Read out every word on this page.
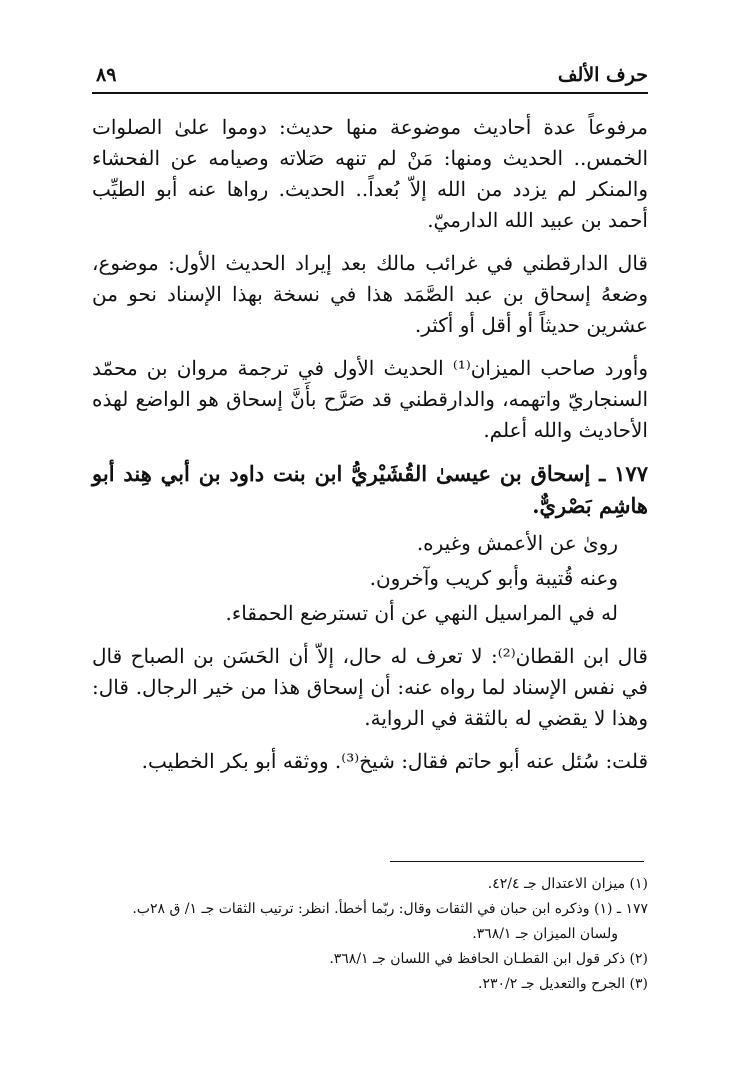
حرف الألف
٨٩

مرفوعاً عدة أحاديث موضوعة منها حديث: دوموا علىٰ الصلوات الخمس.. الحديث ومنها: مَنْ لم تنهه صَلاته وصيامه عن الفحشاء والمنكر لم يزدد من الله إلاّ بُعداً.. الحديث. رواها عنه أبو الطيِّب أحمد بن عبيد الله الدارميّ.

قال الدارقطني في غرائب مالك بعد إيراد الحديث الأول: موضوع، وضعهُ إسحاق بن عبد الصَّمَد هذا في نسخة بهذا الإسناد نحو من عشرين حديثاً أو أقل أو أكثر.

وأورد صاحب الميزان⁽¹⁾ الحديث الأول في ترجمة مروان بن محمّد السنجاريّ واتهمه، والدارقطني قد صَرَّح بأَنَّ إسحاق هو الواضع لهذه الأحاديث والله أعلم.

١٧٧ ـ إسحاق بن عيسىٰ القُشَيْريُّ ابن بنت داود بن أبي هِند أبو هاشِم بَصْريٌّ.

روىٰ عن الأعمش وغيره.

وعنه قُتيبة وأبو كريب وآخرون.

له في المراسيل النهي عن أن تسترضع الحمقاء.

قال ابن القطان⁽²⁾: لا تعرف له حال، إلاّ أن الحَسَن بن الصباح قال في نفس الإسناد لما رواه عنه: أن إسحاق هذا من خير الرجال. قال: وهذا لا يقضي له بالثقة في الرواية.

قلت: سُئل عنه أبو حاتم فقال: شيخ⁽³⁾. ووثقه أبو بكر الخطيب.

(١) ميزان الاعتدال جـ ٤٢/٤.

١٧٧ ـ (١) وذكره ابن حبان في الثقات وقال: ربّما أخطأ. انظر: ترتيب الثقات جـ ١/ ق ٢٨ب.

ولسان الميزان جـ ٣٦٨/١.

(٢) ذكر قول ابن القطـان الحافظ في اللسان جـ ٣٦٨/١.

(٣) الجرح والتعديل جـ ٢٣٠/٢.
